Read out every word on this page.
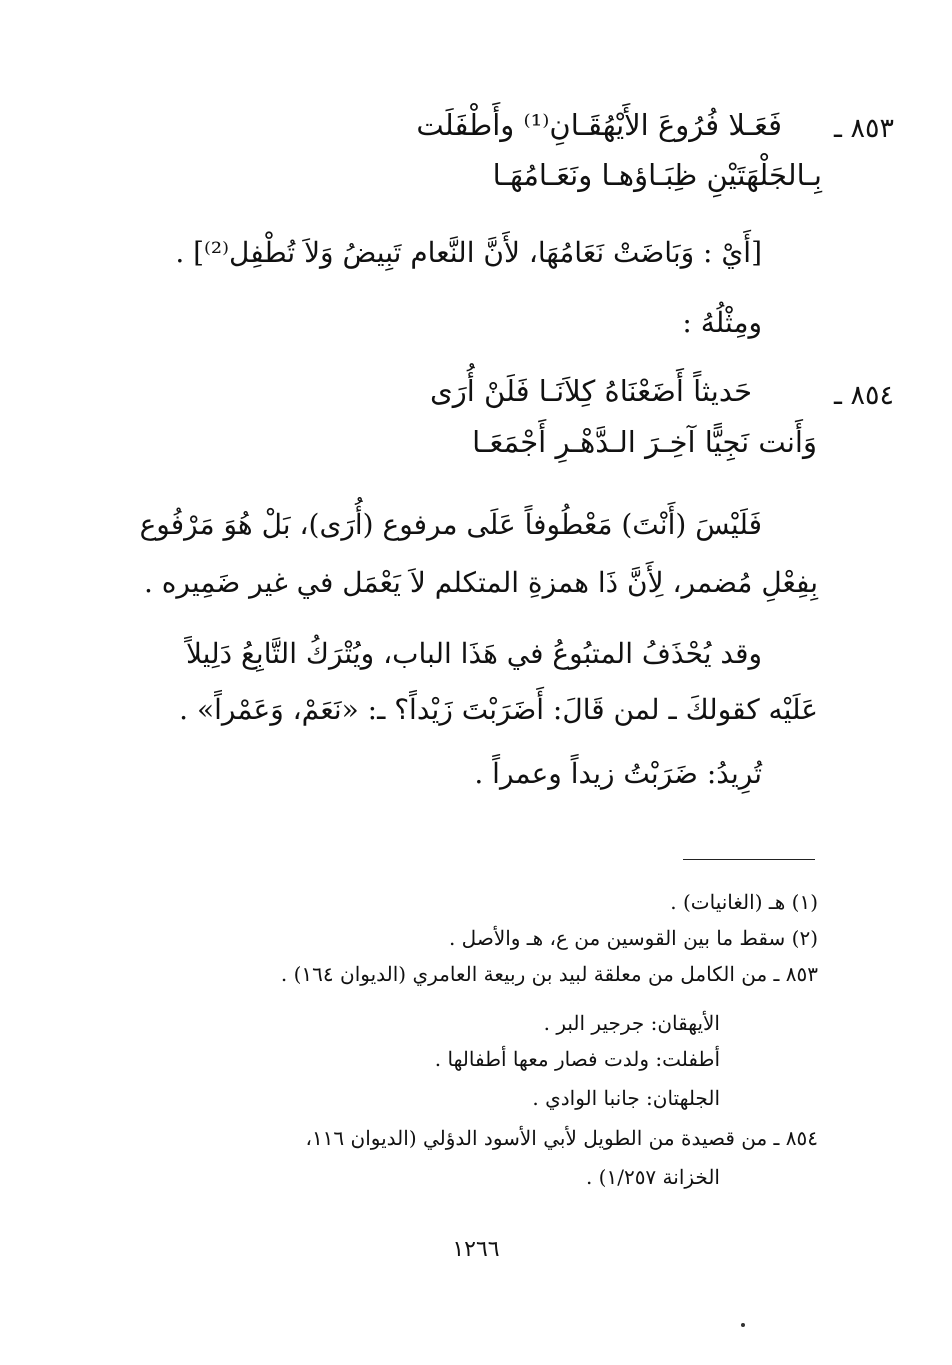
٨٥٣ ـ
فَعَـلا فُرُوعَ الأَيْهُقَـانِ⁽¹⁾ وأَطْفَلَت
بِـالجَلْهَتَيْنِ ظِبَـاؤهـا ونَعَـامُهَـا
[أَيْ : وَبَاضَتْ نَعَامُهَا، لأَنَّ النَّعام تَبِيضُ وَلاَ تُطْفِل⁽²⁾] .
ومِثْلُهُ :
٨٥٤ ـ
حَديثاً أَضَعْنَاهُ كِلاَنَـا فَلَنْ أُرَى
وَأَنت نَجِيًّا آخِـرَ الـدَّهْـرِ أَجْمَعَـا
فَلَيْسَ (أَنْتَ) مَعْطُوفاً عَلَى مرفوع (أُرَى)، بَلْ هُوَ مَرْفُوع
بِفِعْلِ مُضمر، لِأَنَّ ذَا همزةِ المتكلم لاَ يَعْمَل في غير ضَمِيره .
وقد يُحْذَفُ المتبُوعُ في هَذَا الباب، ويُتْرَكُ التَّابِعُ دَلِيلاً
عَلَيْه كقولكَ ـ لمن قَالَ: أَضَرَبْتَ زَيْداً؟ ـ: «نَعَمْ، وَعَمْراً» .
تُرِيدُ: ضَرَبْتُ زيداً وعمراً .
(١) هـ (الغانيات) .
(٢) سقط ما بين القوسين من ع، هـ والأصل .
٨٥٣ ـ من الكامل من معلقة لبيد بن ربيعة العامري (الديوان ١٦٤) .
الأيهقان: جرجير البر .
أطفلت: ولدت فصار معها أطفالها .
الجلهتان: جانبا الوادي .
٨٥٤ ـ من قصيدة من الطويل لأبي الأسود الدؤلي (الديوان ١١٦،
الخزانة ١/٢٥٧) .
١٢٦٦
